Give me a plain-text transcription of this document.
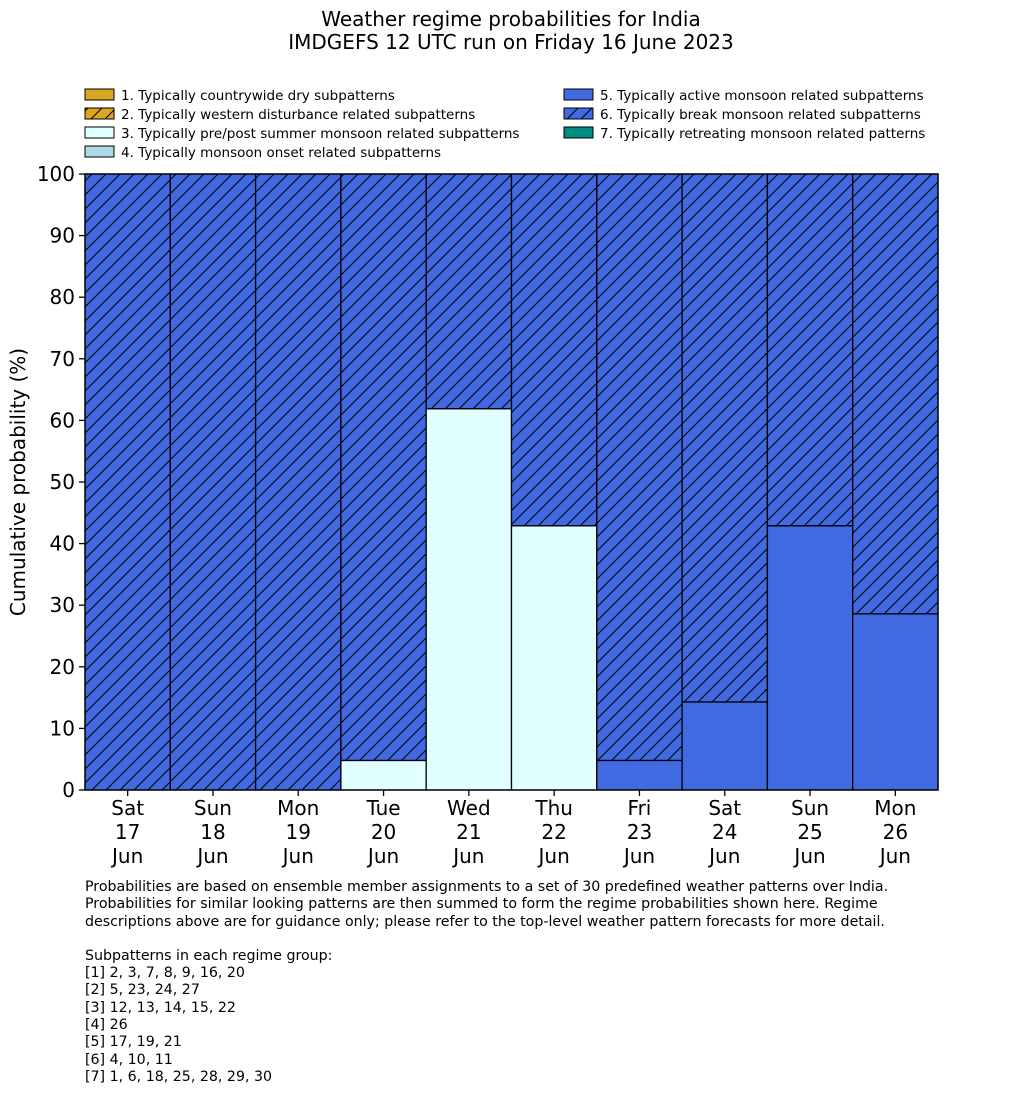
Weather regime probabilities for India
IMDGEFS 12 UTC run on Friday 16 June 2023
1. Typically countrywide dry subpatterns
2. Typically western disturbance related subpatterns
3. Typically pre/post summer monsoon related subpatterns
4. Typically monsoon onset related subpatterns
5. Typically active monsoon related subpatterns
6. Typically break monsoon related subpatterns
7. Typically retreating monsoon related patterns
0
10
20
30
40
50
60
70
80
90
100
Sat 17 Jun
Sun 18 Jun
Mon 19 Jun
Tue 20 Jun
Wed 21 Jun
Thu 22 Jun
Fri 23 Jun
Sat 24 Jun
Sun 25 Jun
Mon 26 Jun
Cumulative probability (%)

Probabilities are based on ensemble member assignments to a set of 30 predefined weather patterns over India.

Probabilities for similar looking patterns are then summed to form the regime probabilities shown here. Regime

descriptions above are for guidance only; please refer to the top-level weather pattern forecasts for more detail.

Subpatterns in each regime group:

[1] 2, 3, 7, 8, 9, 16, 20

[2] 5, 23, 24, 27

[3] 12, 13, 14, 15, 22

[4] 26

[5] 17, 19, 21

[6] 4, 10, 11

[7] 1, 6, 18, 25, 28, 29, 30
